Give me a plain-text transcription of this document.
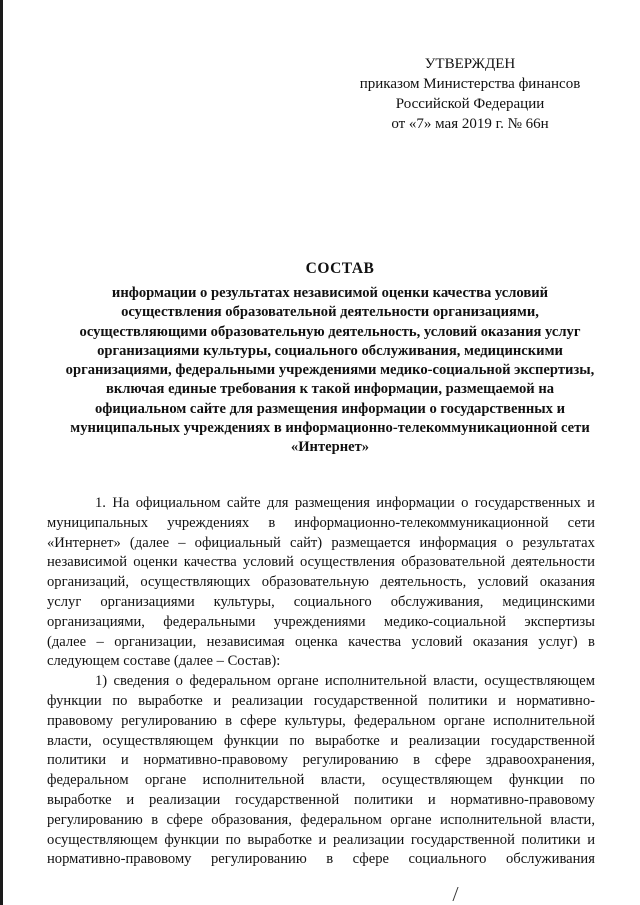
УТВЕРЖДЕН
приказом Министерства финансов
Российской Федерации
от «7» мая 2019 г. № 66н
СОСТАВ
информации о результатах независимой оценки качества условий
осуществления образовательной деятельности организациями,
осуществляющими образовательную деятельность, условий оказания услуг
организациями культуры, социального обслуживания, медицинскими
организациями, федеральными учреждениями медико-социальной экспертизы,
включая единые требования к такой информации, размещаемой на
официальном сайте для размещения информации о государственных и
муниципальных учреждениях в информационно-телекоммуникационной сети
«Интернет»
1. На официальном сайте для размещения информации о государственных и
муниципальных учреждениях в информационно-телекоммуникационной сети
«Интернет» (далее – официальный сайт) размещается информация о результатах
независимой оценки качества условий осуществления образовательной деятельности
организаций, осуществляющих образовательную деятельность, условий оказания
услуг организациями культуры, социального обслуживания, медицинскими
организациями, федеральными учреждениями медико-социальной экспертизы
(далее – организации, независимая оценка качества условий оказания услуг) в
следующем составе (далее – Состав):
1) сведения о федеральном органе исполнительной власти, осуществляющем
функции по выработке и реализации государственной политики и нормативно-
правовому регулированию в сфере культуры, федеральном органе исполнительной
власти, осуществляющем функции по выработке и реализации государственной
политики и нормативно-правовому регулированию в сфере здравоохранения,
федеральном органе исполнительной власти, осуществляющем функции по
выработке и реализации государственной политики и нормативно-правовому
регулированию в сфере образования, федеральном органе исполнительной власти,
осуществляющем функции по выработке и реализации государственной политики и
нормативно-правовому регулированию в сфере социального обслуживания
